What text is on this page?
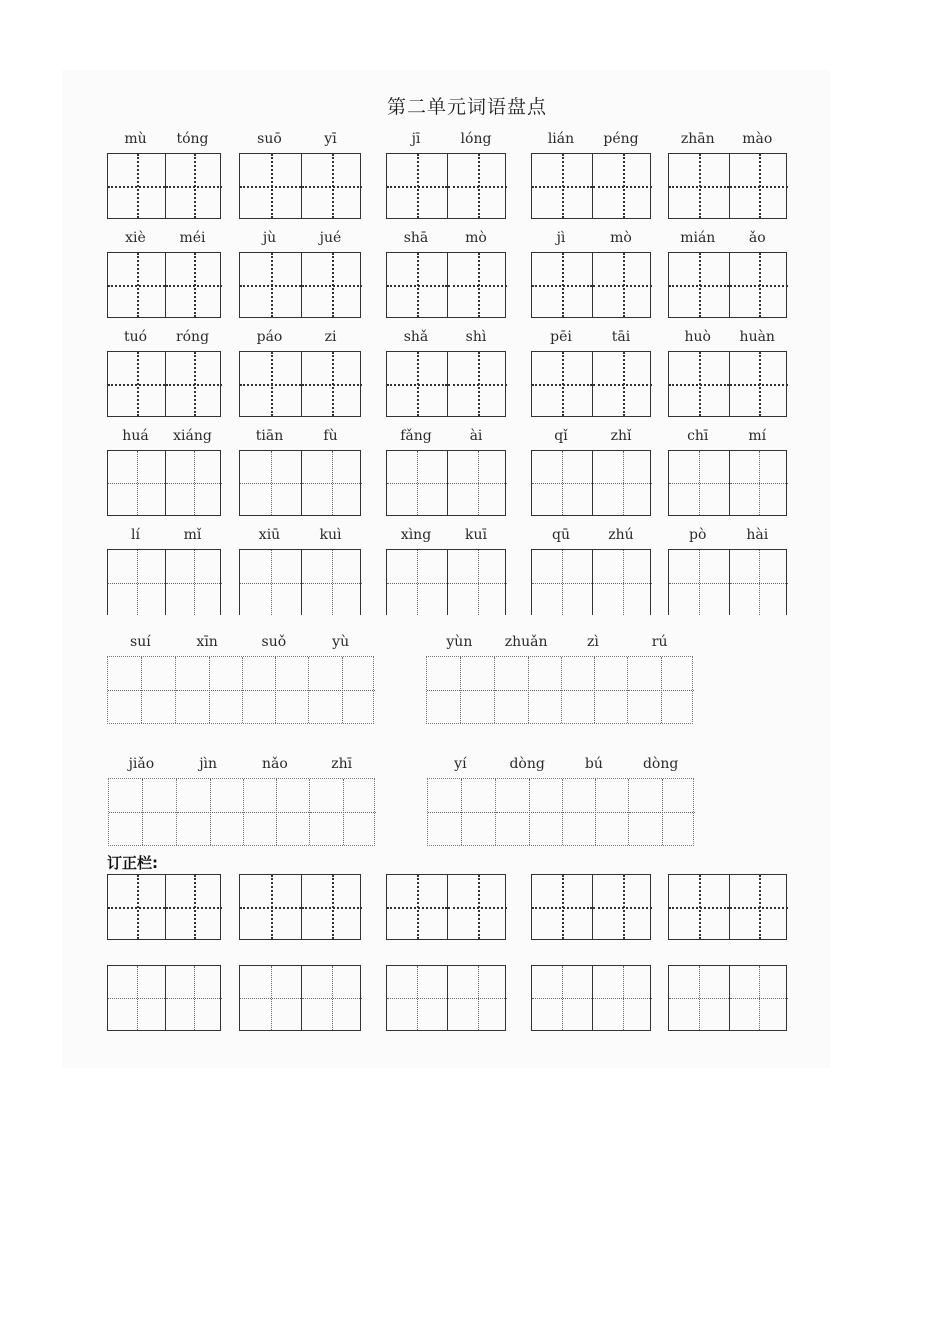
第二单元词语盘点
mù	tóng	suō	yī	jī	lóng	lián	péng	zhān	mào
xiè	méi	jù	jué	shā	mò	jì	mò	mián	ǎo
tuó	róng	páo	zi	shǎ	shì	pēi	tāi	huò	huàn
huá	xiáng	tiān	fù	fǎng	ài	qǐ	zhǐ	chī	mí
lí	mǐ	xiū	kuì	xìng	kuī	qū	zhú	pò	hài
suí	xīn	suǒ	yù	yùn	zhuǎn	zì	rú
jiǎo	jìn	nǎo	zhī	yí	dòng	bú	dòng
订正栏:
